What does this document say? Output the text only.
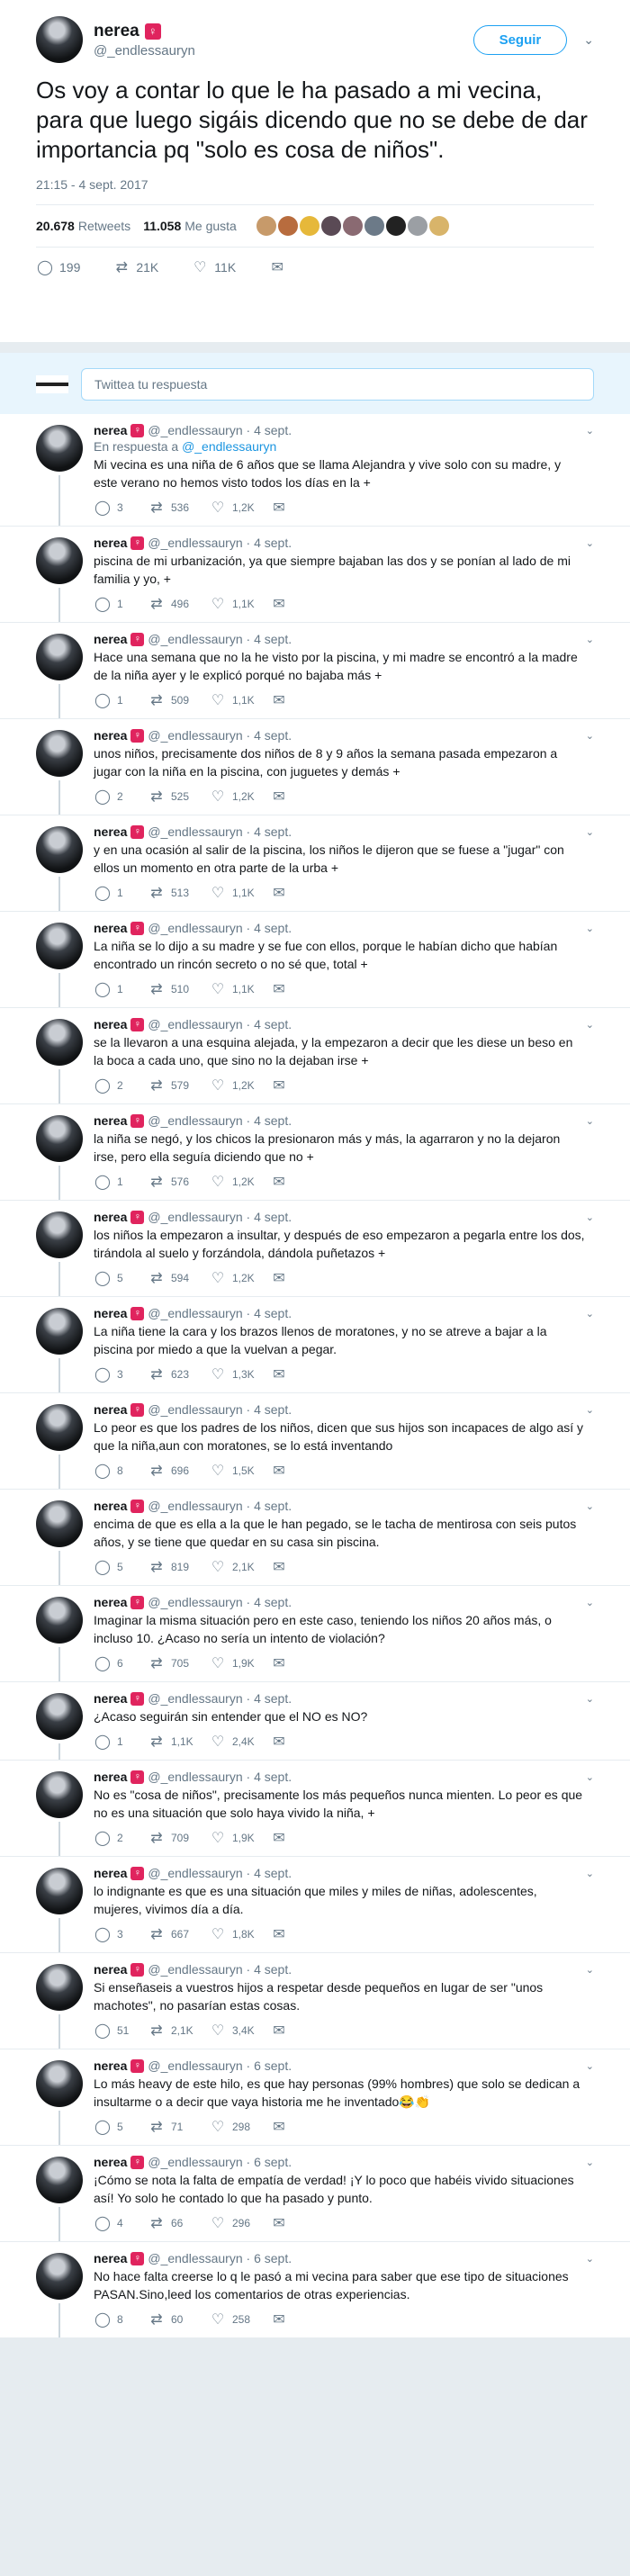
nerea ♀
@_endlessauryn
Seguir	⌄
Os voy a contar lo que le ha pasado a mi vecina, para que luego sigáis dicendo que no se debe de dar importancia pq "solo es cosa de niños".
21:15 - 4 sept. 2017
20.678 Retweets 11.058 Me gusta
◯ 199 ⇄ 21K ♡ 11K ✉
Twittea tu respuesta
nerea ♀ @_endlessauryn · 4 sept.	⌄
En respuesta a @_endlessauryn
Mi vecina es una niña de 6 años que se llama Alejandra y vive solo con su madre, y este verano no hemos visto todos los días en la +
◯ 3 ⇄ 536 ♡ 1,2K ✉
nerea ♀ @_endlessauryn · 4 sept.	⌄
piscina de mi urbanización, ya que siempre bajaban las dos y se ponían al lado de mi familia y yo, +
◯ 1 ⇄ 496 ♡ 1,1K ✉
nerea ♀ @_endlessauryn · 4 sept.	⌄
Hace una semana que no la he visto por la piscina, y mi madre se encontró a la madre de la niña ayer y le explicó porqué no bajaba más +
◯ 1 ⇄ 509 ♡ 1,1K ✉
nerea ♀ @_endlessauryn · 4 sept.	⌄
unos niños, precisamente dos niños de 8 y 9 años la semana pasada empezaron a jugar con la niña en la piscina, con juguetes y demás +
◯ 2 ⇄ 525 ♡ 1,2K ✉
nerea ♀ @_endlessauryn · 4 sept.	⌄
y en una ocasión al salir de la piscina, los niños le dijeron que se fuese a "jugar" con ellos un momento en otra parte de la urba +
◯ 1 ⇄ 513 ♡ 1,1K ✉
nerea ♀ @_endlessauryn · 4 sept.	⌄
La niña se lo dijo a su madre y se fue con ellos, porque le habían dicho que habían encontrado un rincón secreto o no sé que, total +
◯ 1 ⇄ 510 ♡ 1,1K ✉
nerea ♀ @_endlessauryn · 4 sept.	⌄
se la llevaron a una esquina alejada, y la empezaron a decir que les diese un beso en la boca a cada uno, que sino no la dejaban irse +
◯ 2 ⇄ 579 ♡ 1,2K ✉
nerea ♀ @_endlessauryn · 4 sept.	⌄
la niña se negó, y los chicos la presionaron más y más, la agarraron y no la dejaron irse, pero ella seguía diciendo que no +
◯ 1 ⇄ 576 ♡ 1,2K ✉
nerea ♀ @_endlessauryn · 4 sept.	⌄
los niños la empezaron a insultar, y después de eso empezaron a pegarla entre los dos, tirándola al suelo y forzándola, dándola puñetazos +
◯ 5 ⇄ 594 ♡ 1,2K ✉
nerea ♀ @_endlessauryn · 4 sept.	⌄
La niña tiene la cara y los brazos llenos de moratones, y no se atreve a bajar a la piscina por miedo a que la vuelvan a pegar.
◯ 3 ⇄ 623 ♡ 1,3K ✉
nerea ♀ @_endlessauryn · 4 sept.	⌄
Lo peor es que los padres de los niños, dicen que sus hijos son incapaces de algo así y que la niña,aun con moratones, se lo está inventando
◯ 8 ⇄ 696 ♡ 1,5K ✉
nerea ♀ @_endlessauryn · 4 sept.	⌄
encima de que es ella a la que le han pegado, se le tacha de mentirosa con seis putos años, y se tiene que quedar en su casa sin piscina.
◯ 5 ⇄ 819 ♡ 2,1K ✉
nerea ♀ @_endlessauryn · 4 sept.	⌄
Imaginar la misma situación pero en este caso, teniendo los niños 20 años más, o incluso 10. ¿Acaso no sería un intento de violación?
◯ 6 ⇄ 705 ♡ 1,9K ✉
nerea ♀ @_endlessauryn · 4 sept.	⌄
¿Acaso seguirán sin entender que el NO es NO?
◯ 1 ⇄ 1,1K ♡ 2,4K ✉
nerea ♀ @_endlessauryn · 4 sept.	⌄
No es "cosa de niños", precisamente los más pequeños nunca mienten. Lo peor es que no es una situación que solo haya vivido la niña, +
◯ 2 ⇄ 709 ♡ 1,9K ✉
nerea ♀ @_endlessauryn · 4 sept.	⌄
lo indignante es que es una situación que miles y miles de niñas, adolescentes, mujeres, vivimos día a día.
◯ 3 ⇄ 667 ♡ 1,8K ✉
nerea ♀ @_endlessauryn · 4 sept.	⌄
Si enseñaseis a vuestros hijos a respetar desde pequeños en lugar de ser "unos machotes", no pasarían estas cosas.
◯ 51 ⇄ 2,1K ♡ 3,4K ✉
nerea ♀ @_endlessauryn · 6 sept.	⌄
Lo más heavy de este hilo, es que hay personas (99% hombres) que solo se dedican a insultarme o a decir que vaya historia me he inventado😂👏
◯ 5 ⇄ 71 ♡ 298 ✉
nerea ♀ @_endlessauryn · 6 sept.	⌄
¡Cómo se nota la falta de empatía de verdad! ¡Y lo poco que habéis vivido situaciones así! Yo solo he contado lo que ha pasado y punto.
◯ 4 ⇄ 66 ♡ 296 ✉
nerea ♀ @_endlessauryn · 6 sept.	⌄
No hace falta creerse lo q le pasó a mi vecina para saber que ese tipo de situaciones PASAN.Sino,leed los comentarios de otras experiencias.
◯ 8 ⇄ 60 ♡ 258 ✉
